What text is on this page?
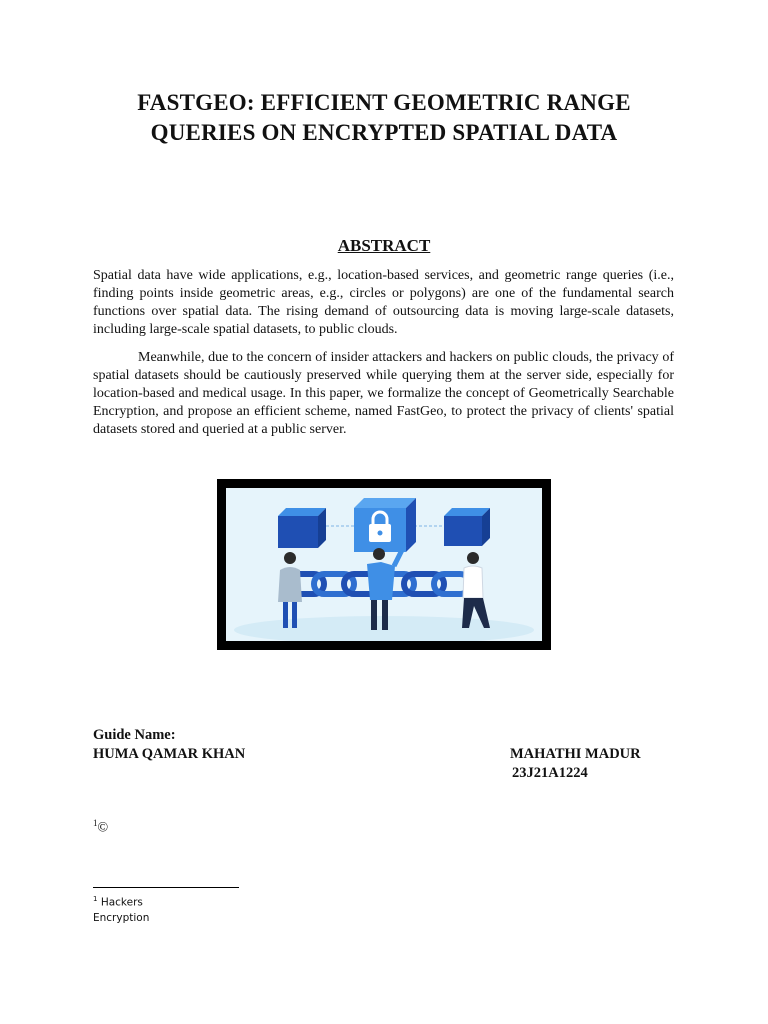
FASTGEO: EFFICIENT GEOMETRIC RANGE
QUERIES ON ENCRYPTED SPATIAL DATA
ABSTRACT

Spatial data have wide applications, e.g., location-based services, and geometric range queries (i.e., finding points inside geometric areas, e.g., circles or polygons) are one of the fundamental search functions over spatial data. The rising demand of outsourcing data is moving large-scale datasets, including large-scale spatial datasets, to public clouds.

Meanwhile, due to the concern of insider attackers and hackers on public clouds, the privacy of spatial datasets should be cautiously preserved while querying them at the server side, especially for location-based and medical usage. In this paper, we formalize the concept of Geometrically Searchable Encryption, and propose an efficient scheme, named FastGeo, to protect the privacy of clients' spatial datasets stored and queried at a public server.

Guide Name:
HUMA QAMAR KHAN	MAHATHI MADUR
23J21A1224
$^1$©
$^1$ Hackers
Encryption
